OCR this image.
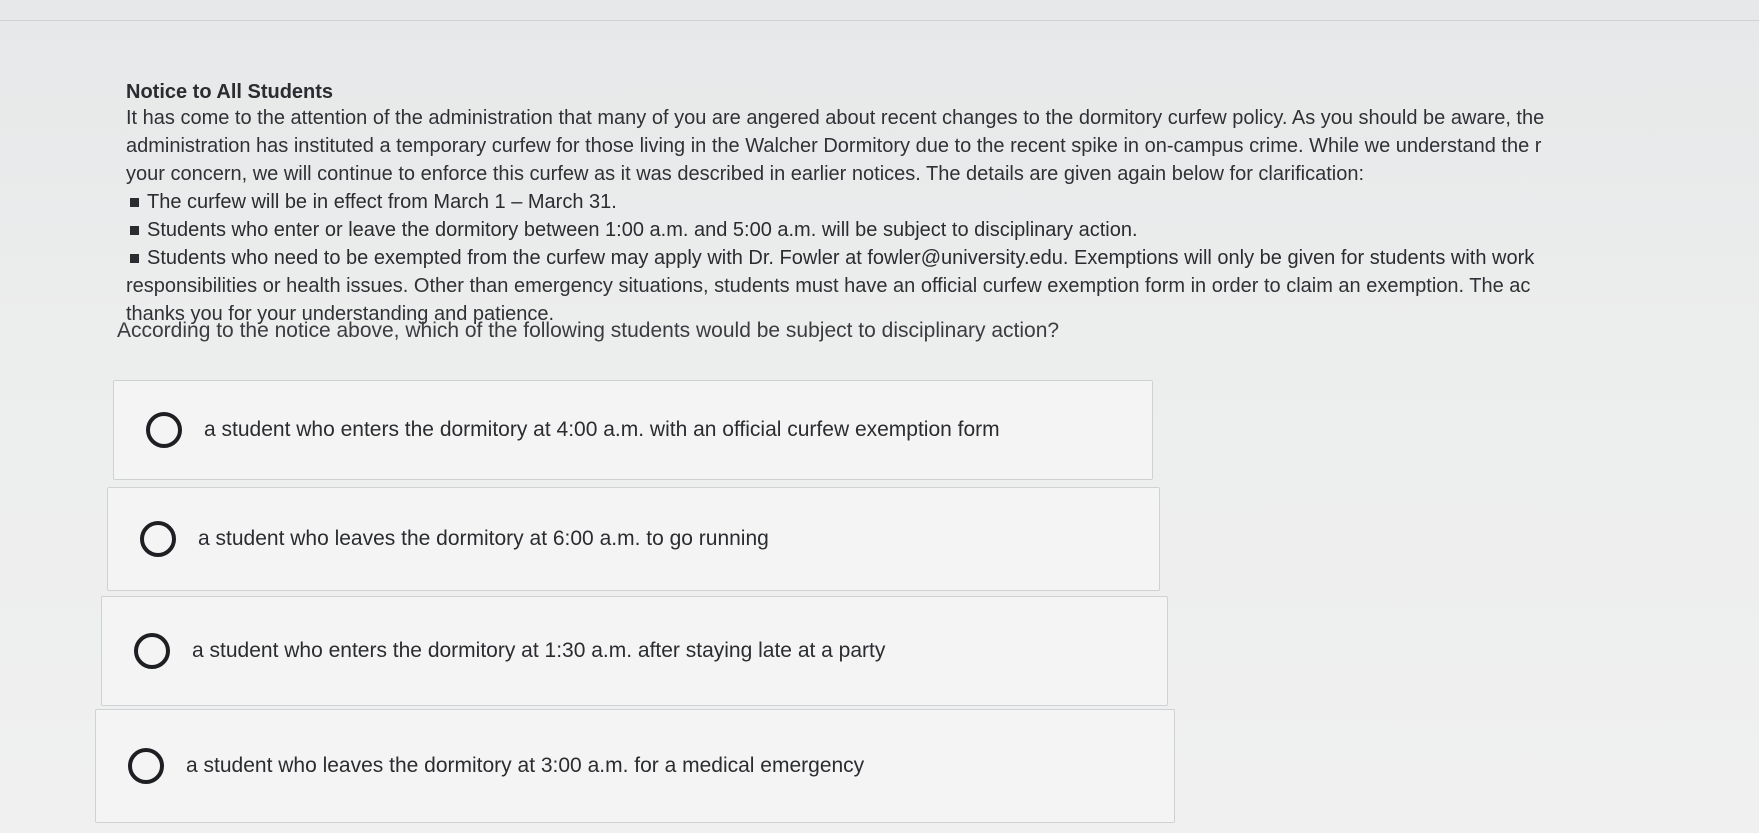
Notice to All Students
It has come to the attention of the administration that many of you are angered about recent changes to the dormitory curfew policy. As you should be aware, the
administration has instituted a temporary curfew for those living in the Walcher Dormitory due to the recent spike in on-campus crime. While we understand the r
your concern, we will continue to enforce this curfew as it was described in earlier notices. The details are given again below for clarification:
The curfew will be in effect from March 1 – March 31.
Students who enter or leave the dormitory between 1:00 a.m. and 5:00 a.m. will be subject to disciplinary action.
Students who need to be exempted from the curfew may apply with Dr. Fowler at fowler@university.edu. Exemptions will only be given for students with work
responsibilities or health issues. Other than emergency situations, students must have an official curfew exemption form in order to claim an exemption. The ac
thanks you for your understanding and patience.
According to the notice above, which of the following students would be subject to disciplinary action?
a student who enters the dormitory at 4:00 a.m. with an official curfew exemption form
a student who leaves the dormitory at 6:00 a.m. to go running
a student who enters the dormitory at 1:30 a.m. after staying late at a party
a student who leaves the dormitory at 3:00 a.m. for a medical emergency
